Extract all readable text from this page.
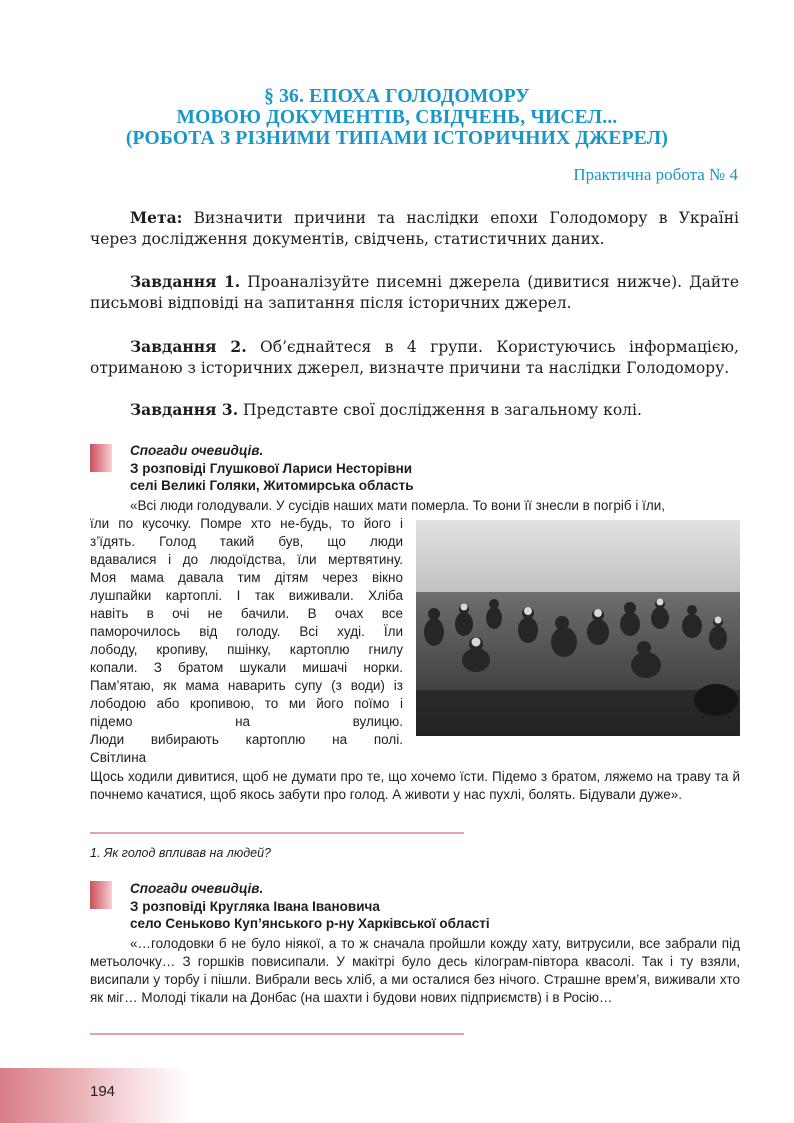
§ 36. ЕПОХА ГОЛОДОМОРУ
МОВОЮ ДОКУМЕНТІВ, СВІДЧЕНЬ, ЧИСЕЛ...
(РОБОТА З РІЗНИМИ ТИПАМИ ІСТОРИЧНИХ ДЖЕРЕЛ)
Практична робота № 4
Мета: Визначити причини та наслідки епохи Голодомору в Україні через дослідження документів, свідчень, статистичних даних.
Завдання 1. Проаналізуйте писемні джерела (дивитися нижче). Дайте письмові відповіді на запитання після історичних джерел.
Завдання 2. Об’єднайтеся в 4 групи. Користуючись інформацією, отриманою з історичних джерел, визначте причини та наслідки Голодомору.
Завдання 3. Представте свої дослідження в загальному колі.
Спогади очевидців.
З розповіді Глушкової Лариси Несторівни
селі Великі Голяки, Житомирська область
«Всі люди голодували. У сусідів наших мати померла. То вони її знесли в погріб і їли,
їли по кусочку. Помре хто не-будь, то його і
з’їдять. Голод такий був, що люди
вдавалися і до людоїдства, їли мертвятину.
Моя мама давала тим дітям через вікно
лушпайки картоплі. І так виживали. Хліба
навіть в очі не бачили. В очах все
паморочилось від голоду. Всі худі. Їли
лободу, кропиву, пшінку, картоплю гнилу
копали. З братом шукали мишачі норки.
Пам’ятаю, як мама наварить супу (з води) із
лободою або кропивою, то ми його поїмо і
підемо на вулицю.
Люди вибирають картоплю на полі.
Світлина
Щось ходили дивитися, щоб не думати про те, що хочемо їсти. Підемо з братом, ляжемо на траву та й почнемо качатися, щоб якось забути про голод. А животи у нас пухлі, болять. Бідували дуже».
1. Як голод впливав на людей?
Спогади очевидців.
З розповіді Кругляка Івана Івановича
село Сеньково Куп’янського р-ну Харківської області
«…голодовки б не було ніякої, а то ж сначала пройшли кожду хату, витрусили, все забрали під метьолочку… З горшків повисипали. У макітрі було десь кілограм-півтора квасолі. Так і ту взяли, висипали у торбу і пішли. Вибрали весь хліб, а ми осталися без нічого. Страшне врем’я, виживали хто як міг… Молоді тікали на Донбас (на шахти і будови нових підприємств) і в Росію…
194
